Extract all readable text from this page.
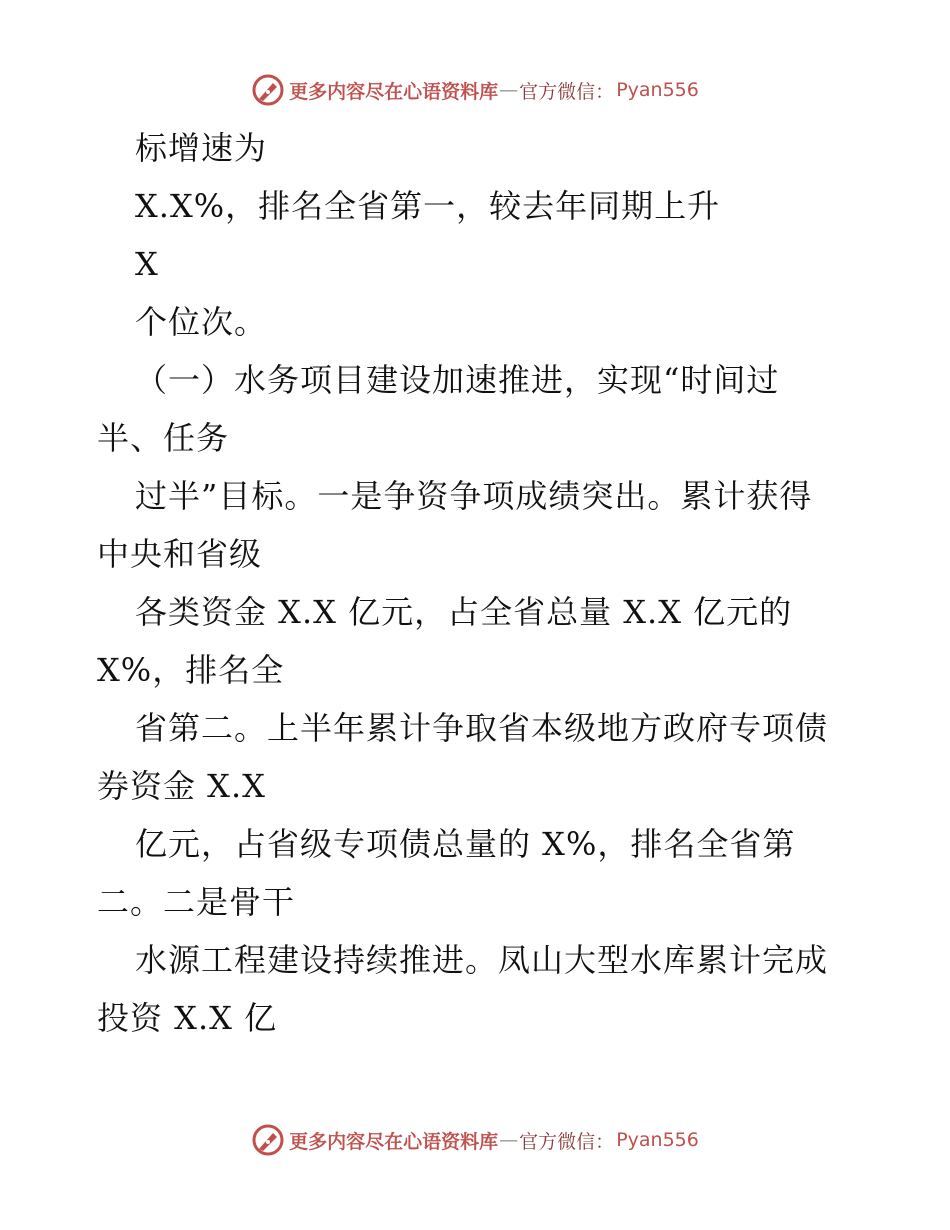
更多内容尽在心语资料库 — 官方微信： Pyan556
标增速为
X.X%，排名全省第一，较去年同期上升
X
个位次。
（一）水务项目建设加速推进，实现“时间过
半、任务
过半”目标。一是争资争项成绩突出。累计获得
中央和省级
各类资金 X.X 亿元，占全省总量 X.X 亿元的
X%，排名全
省第二。上半年累计争取省本级地方政府专项债
券资金 X.X
亿元，占省级专项债总量的 X%，排名全省第
二。二是骨干
水源工程建设持续推进。凤山大型水库累计完成
投资 X.X 亿
更多内容尽在心语资料库 — 官方微信： Pyan556
